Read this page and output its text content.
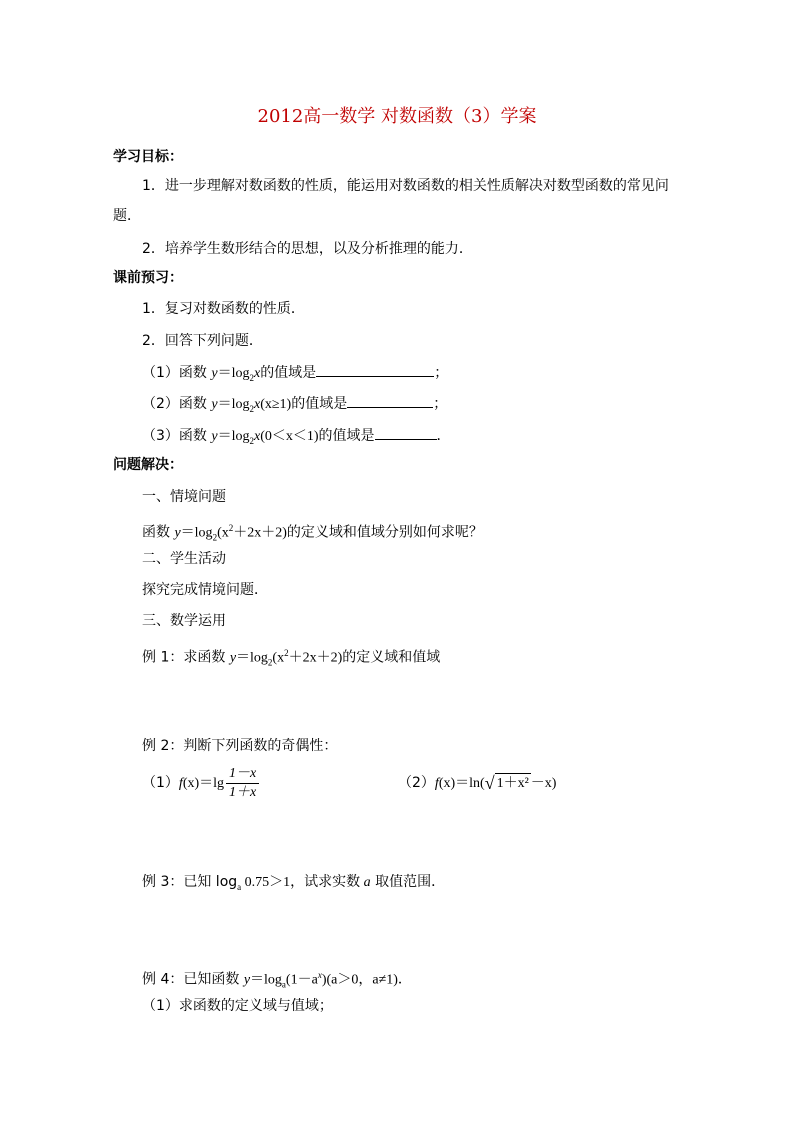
2012高一数学 对数函数（3）学案
学习目标：
1．进一步理解对数函数的性质，能运用对数函数的相关性质解决对数型函数的常见问
题．
2．培养学生数形结合的思想，以及分析推理的能力．
课前预习：
1．复习对数函数的性质．
2．回答下列问题．
（1）函数 $y=\log_2x$的值域是	；
（2）函数 $y=\log_2x(x\ge 1)$的值域是	；
（3）函数 $y=\log_2x(0<x<1)$的值域是	．
问题解决：
一、情境问题
函数 $y=\log_2(x^2+2x+2)$的定义域和值域分别如何求呢？
二、学生活动
探究完成情境问题．
三、数学运用
例 1：求函数 $y=\log_2(x^2+2x+2)$的定义域和值域
例 2：判断下列函数的奇偶性：
$(1)f(x)=\lg \frac{1-x}{1+x}$	（2）f(x)＝ln( √ 1＋x² －x)
例 3：已知 $\log_a 0.75>1$，试求实数 a 取值范围．
例 4：已知函数 $y=\log_a(1-a^x)(a>0$，a≠1)．
（1）求函数的定义域与值域；
